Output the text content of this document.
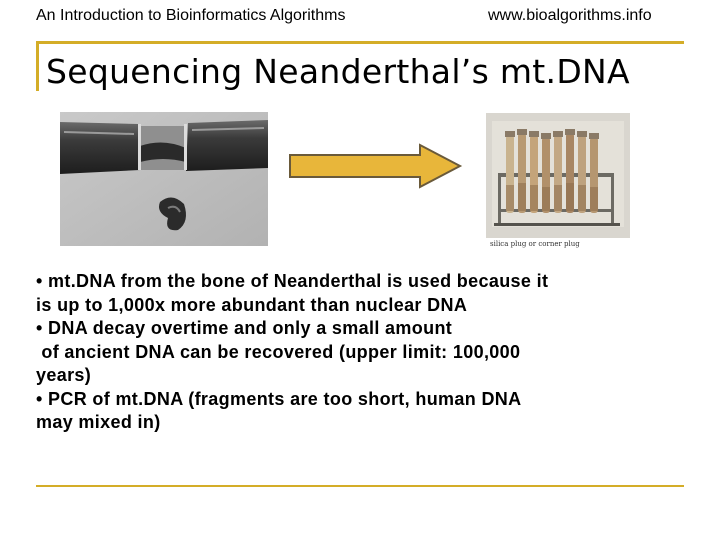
An Introduction to Bioinformatics Algorithms	www.bioalgorithms.info
Sequencing Neanderthal’s mt.DNA
silica plug or corner plug
• mt.DNA from the bone of Neanderthal is used because it
is up to 1,000x more abundant than nuclear DNA
• DNA decay overtime and only a small amount
of ancient DNA can be recovered (upper limit: 100,000
years)
• PCR of mt.DNA (fragments are too short, human DNA
may mixed in)
